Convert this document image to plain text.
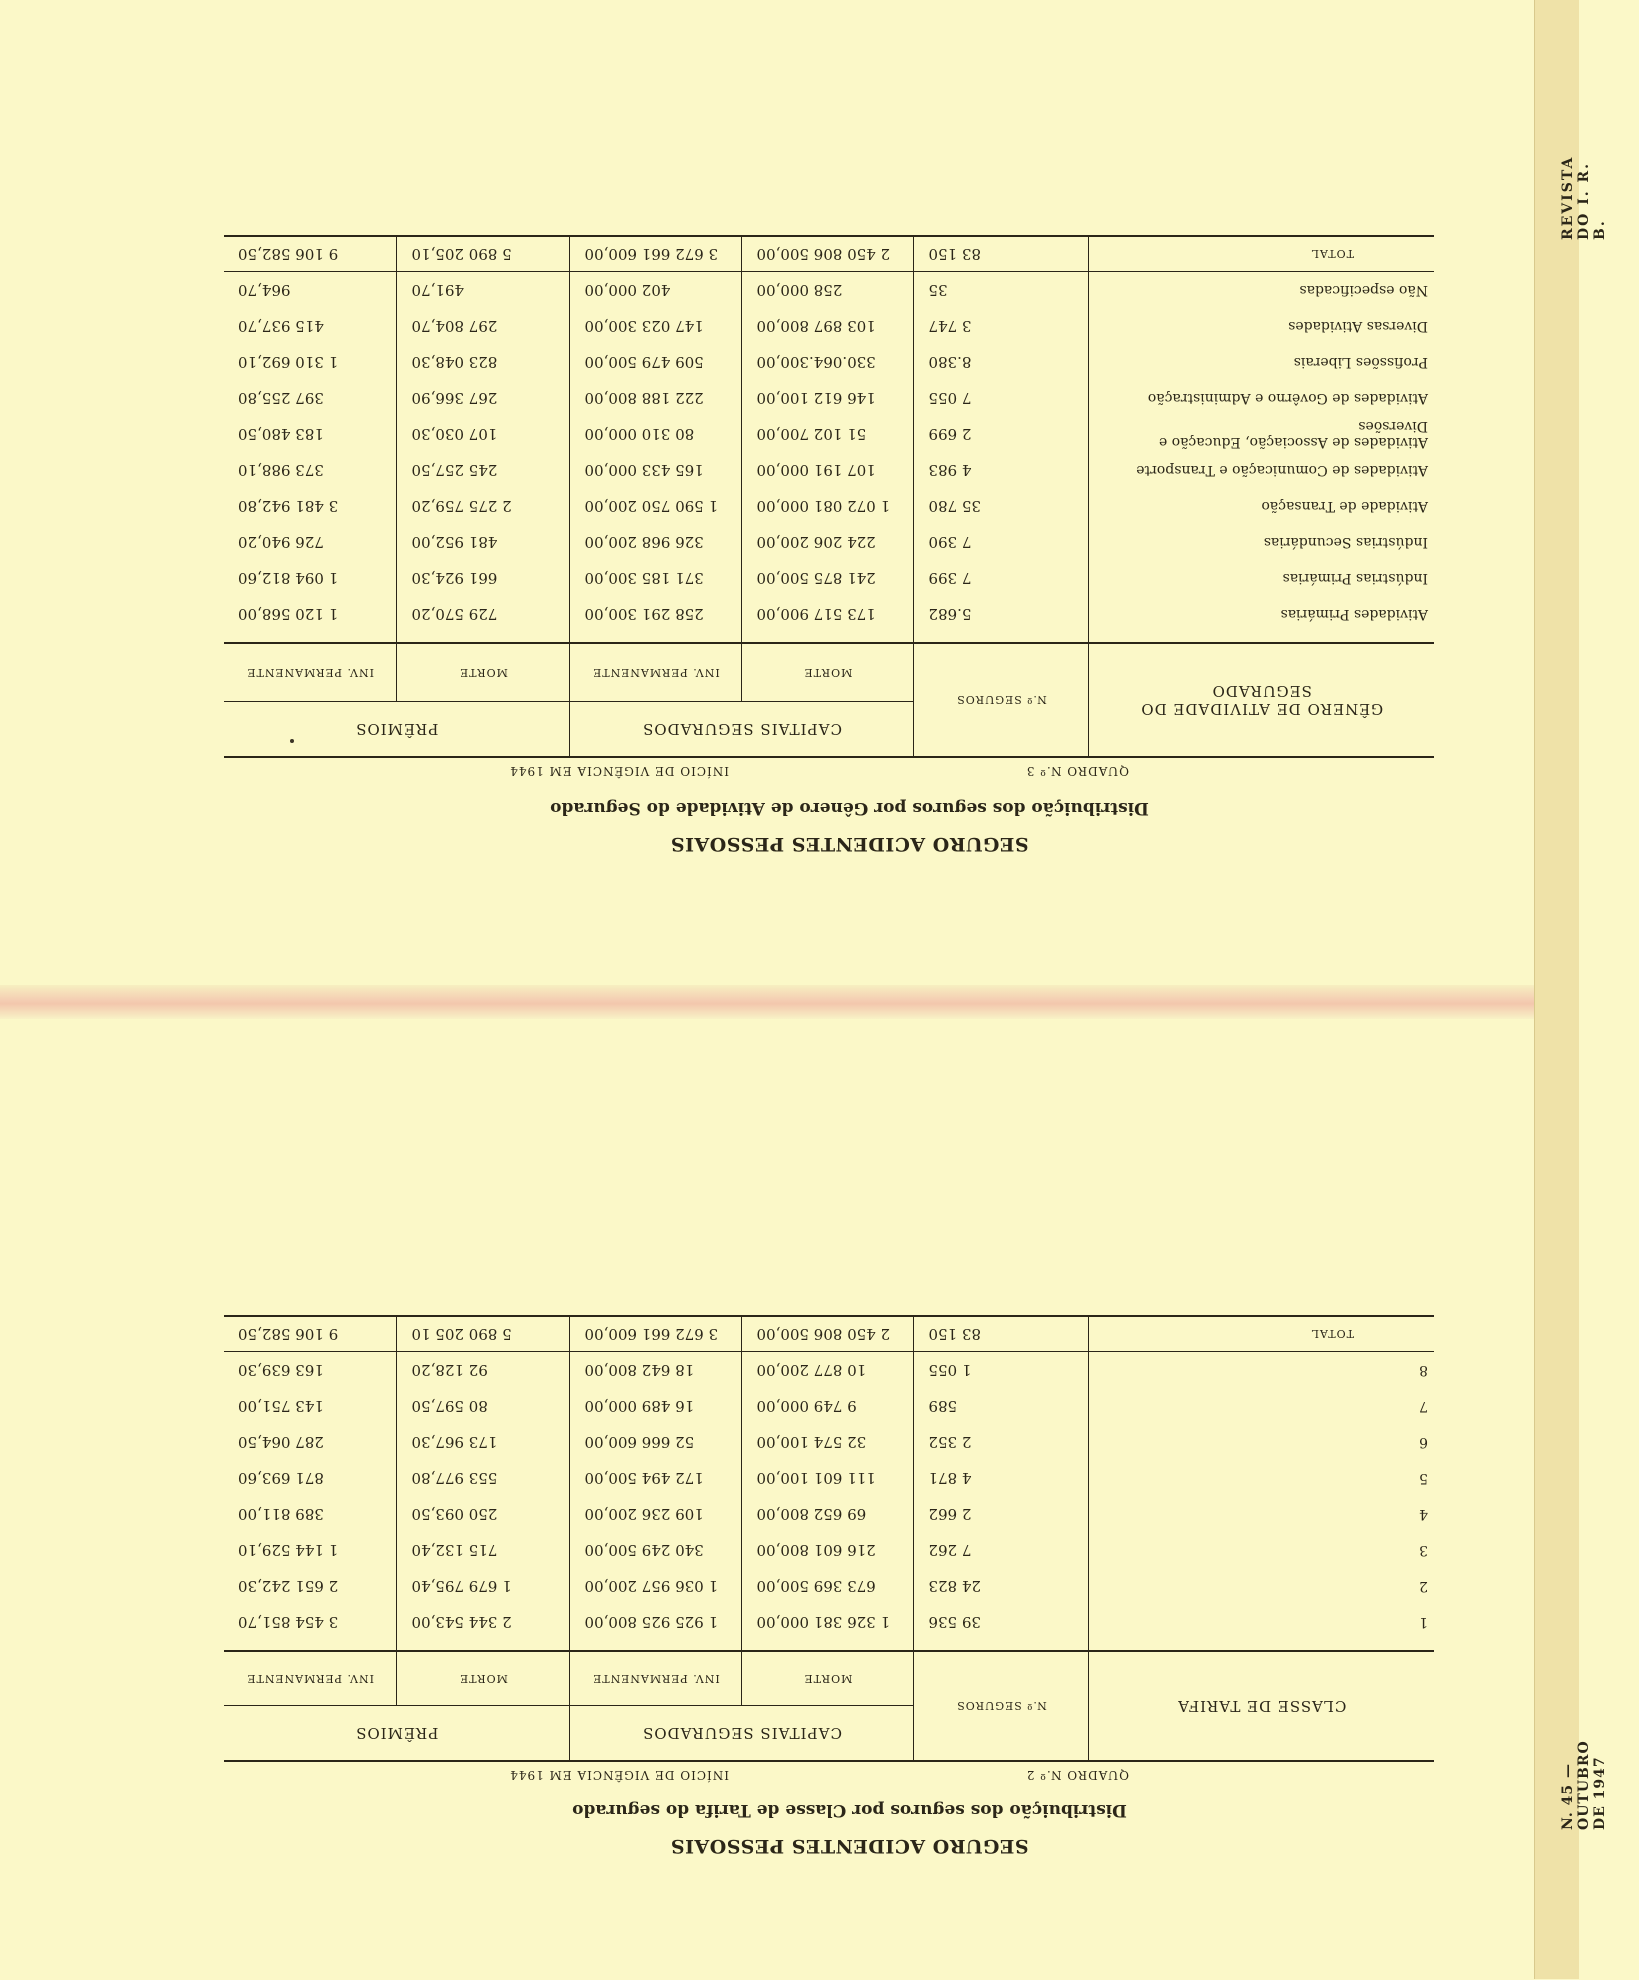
REVISTA DO I. R. B.
N. 45 — OUTUBRO DE 1947
SEGURO ACIDENTES PESSOAIS
Distribuição dos seguros por Gênero de Atividade do Segurado
QUADRO N.º 3
INÍCIO DE VIGÊNCIA EM 1944
GÊNERO DE ATIVIDADE DO SEGURADO	N.º SEGUROS	CAPITAIS SEGURADOS		PRÊMIOS	
		MORTE	INV. PERMANENTE	MORTE	INV. PERMANENTE
Atividades Primárias	5.682	173 517 900,00	258 291 300,00	729 570,20	1 120 568,00
Indústrias Primárias	7 399	241 875 500,00	371 185 300,00	661 924,30	1 094 812,60
Indústrias Secundárias	7 390	224 206 200,00	326 968 200,00	481 952,00	726 940,20
Atividade de Transação	35 780	1 072 081 000,00	1 590 750 200,00	2 275 759,20	3 481 942,80
Atividades de Comunicação e Transporte	4 983	107 191 000,00	165 433 000,00	245 257,50	373 988,10
Atividades de Associação, Educação e Diversões	2 699	51 102 700,00	80 310 000,00	107 030,30	183 480,50
Atividades de Govêrno e Administração	7 055	146 612 100,00	222 188 800,00	267 366,90	397 255,80
Profissões Liberais	8.380	330.064.300,00	509 479 500,00	823 048,30	1 310 692,10
Diversas Atividades	3 747	103 897 800,00	147 023 300,00	297 804,70	415 937,70
Não especificadas	35	258 000,00	402 000,00	491,70	964,70
TOTAL	83 150	2 450 806 500,00	3 672 661 600,00	5 890 205,10	9 106 582,50
SEGURO ACIDENTES PESSOAIS
Distribuição dos seguros por Classe de Tarifa do segurado
QUADRO N.º 2
INÍCIO DE VIGÊNCIA EM 1944
CLASSE DE TARIFA	N.º SEGUROS	CAPITAIS SEGURADOS		PRÊMIOS	
		MORTE	INV. PERMANENTE	MORTE	INV. PERMANENTE
1	39 536	1 326 381 000,00	1 925 925 800,00	2 344 543,00	3 454 851,70
2	24 823	673 369 500,00	1 036 957 200,00	1 679 795,40	2 651 242,30
3	7 262	216 601 800,00	340 249 500,00	715 132,40	1 144 529,10
4	2 662	69 652 800,00	109 236 200,00	250 093,50	389 811,00
5	4 871	111 601 100,00	172 494 500,00	553 977,80	871 693,60
6	2 352	32 574 100,00	52 666 600,00	173 967,30	287 064,50
7	589	9 749 000,00	16 489 000,00	80 597,50	143 751,00
8	1 055	10 877 200,00	18 642 800,00	92 128,20	163 639,30
TOTAL	83 150	2 450 806 500,00	3 672 661 600,00	5 890 205 10	9 106 582,50
